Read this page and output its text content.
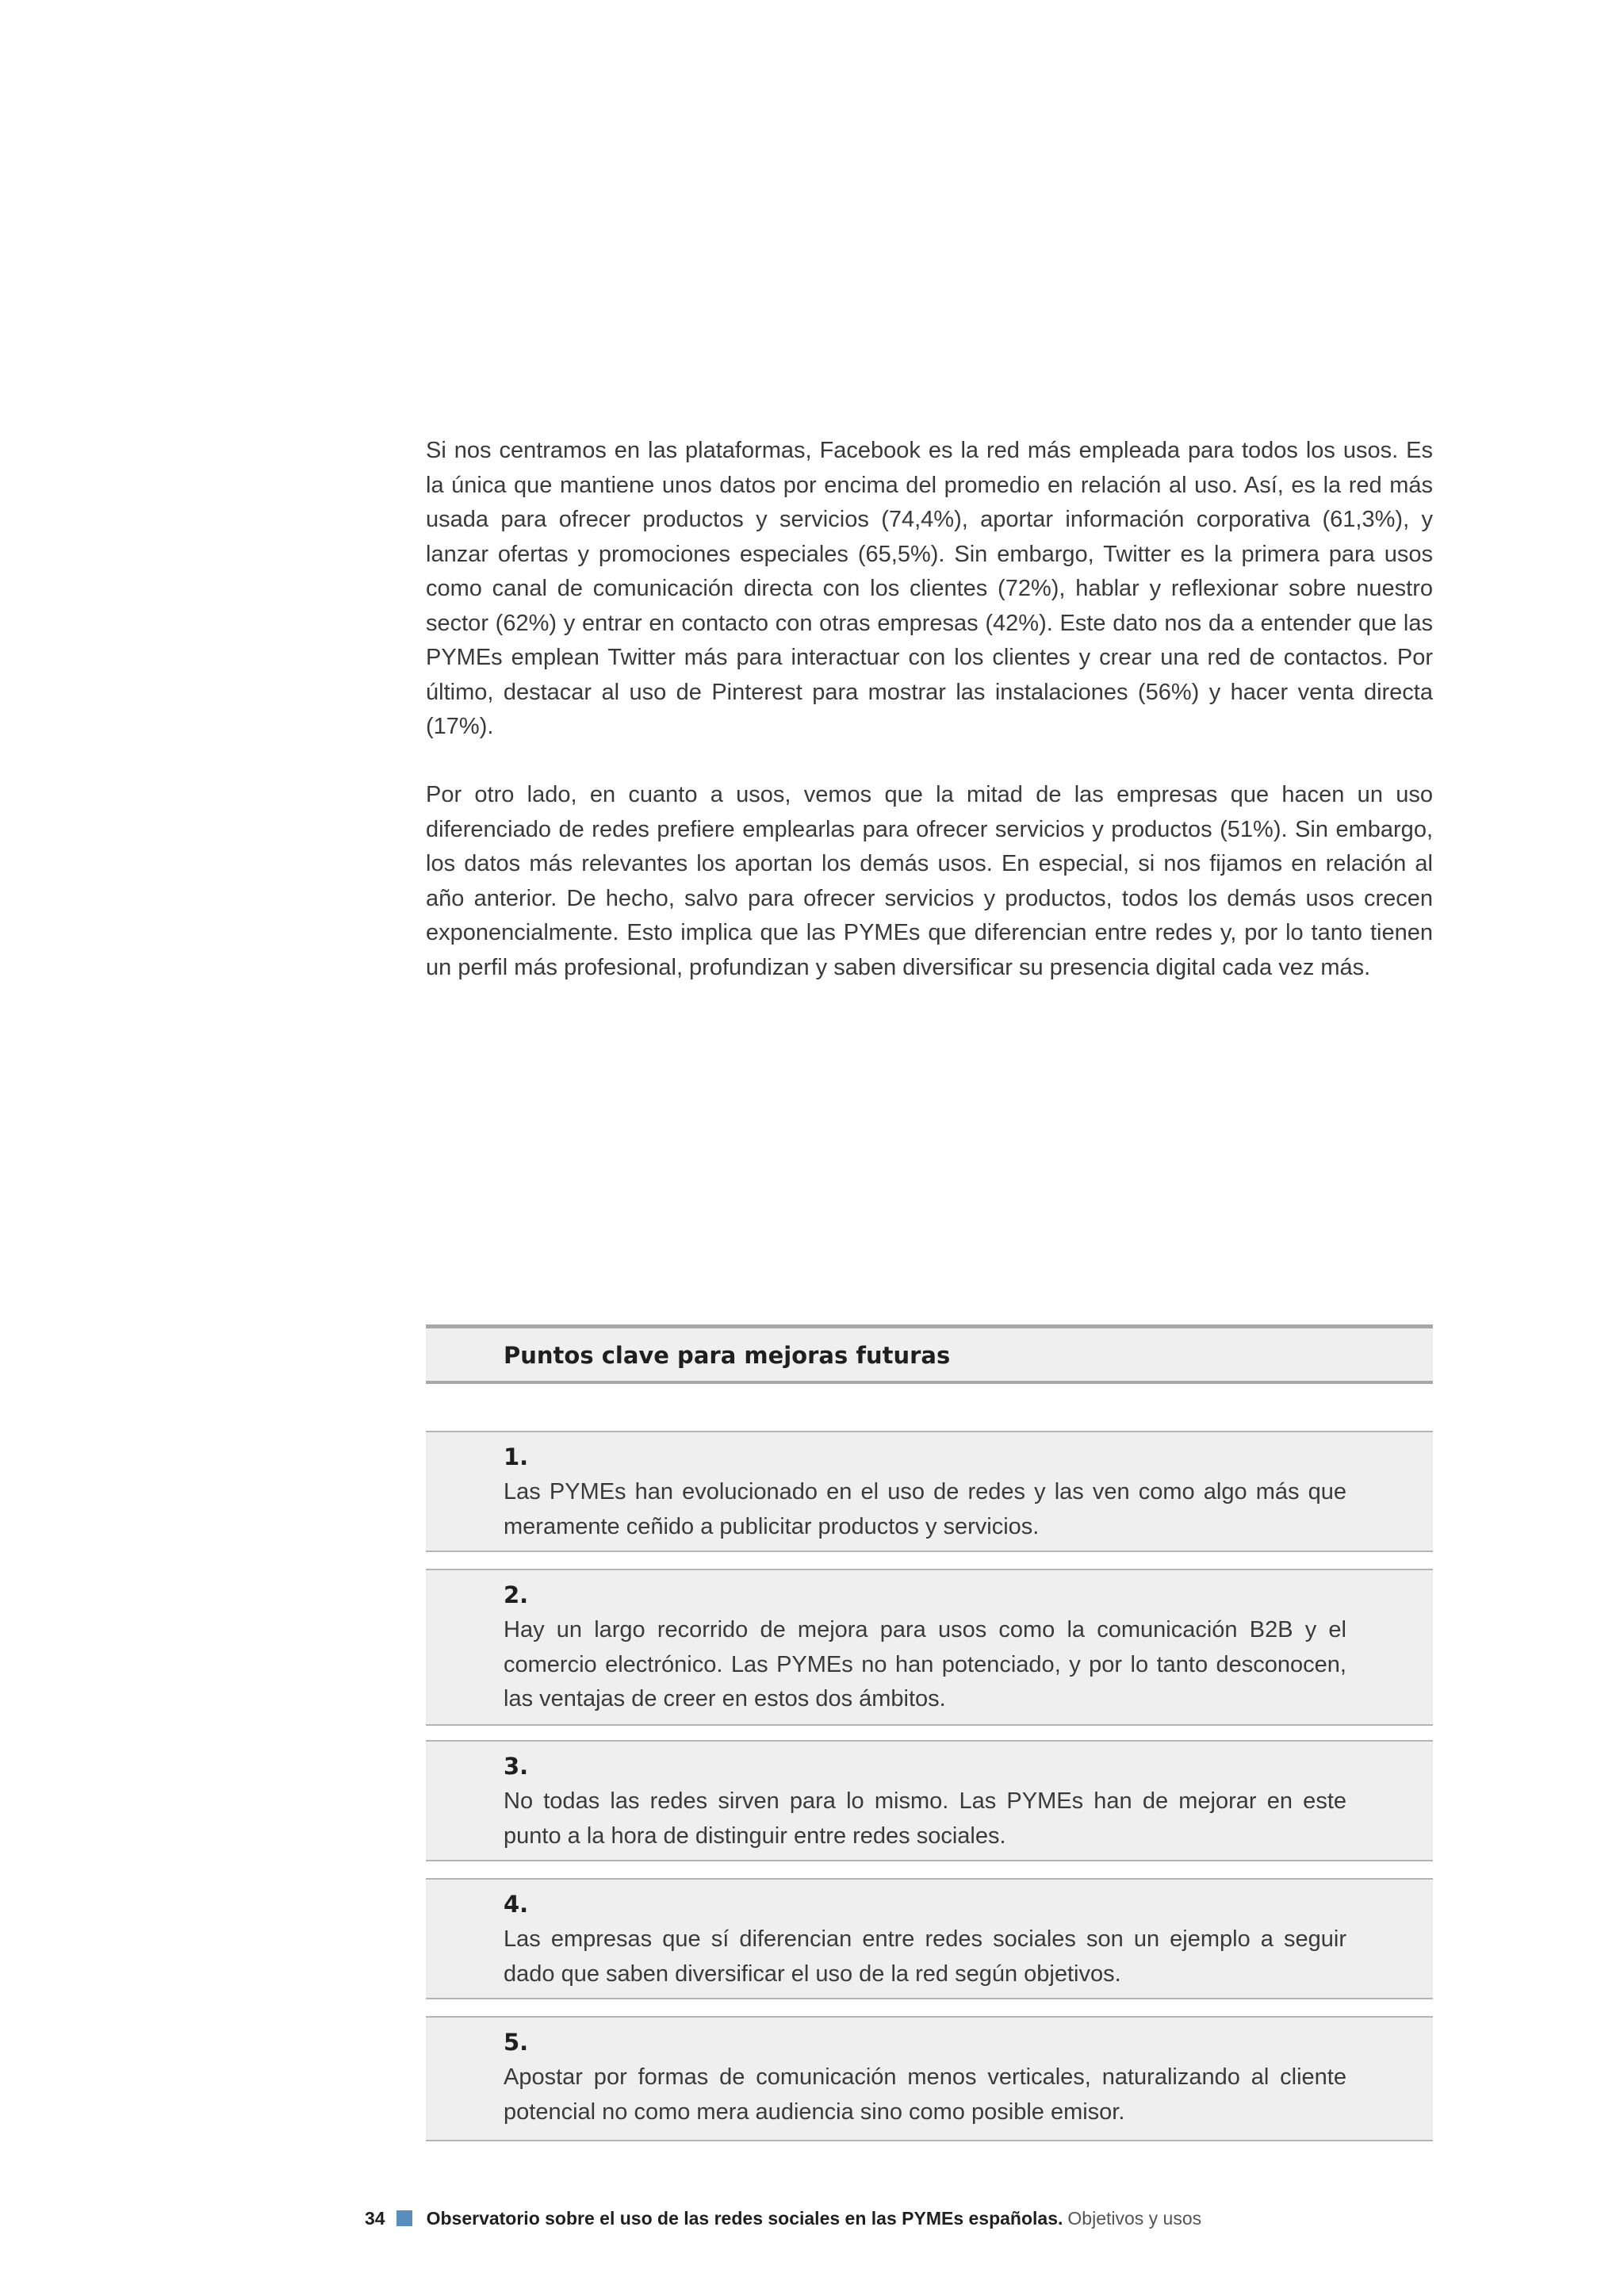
Si nos centramos en las plataformas, Facebook es la red más empleada para todos los usos. Es la única que mantiene unos datos por encima del promedio en relación al uso. Así, es la red más usada para ofrecer productos y servicios (74,4%), aportar información corporativa (61,3%), y lanzar ofertas y promociones especiales (65,5%). Sin embargo, Twitter es la primera para usos como canal de comunicación directa con los clientes (72%), hablar y reflexionar sobre nuestro sector (62%) y entrar en contacto con otras empresas (42%). Este dato nos da a entender que las PYMEs emplean Twitter más para interactuar con los clientes y crear una red de contactos. Por último, destacar al uso de Pinterest para mostrar las instalaciones (56%) y hacer venta directa (17%).

Por otro lado, en cuanto a usos, vemos que la mitad de las empresas que hacen un uso diferenciado de redes prefiere emplearlas para ofrecer servicios y productos (51%). Sin embargo, los datos más relevantes los aportan los demás usos. En especial, si nos fijamos en relación al año anterior. De hecho, salvo para ofrecer servicios y productos, todos los demás usos crecen exponencialmente. Esto implica que las PYMEs que diferencian entre redes y, por lo tanto tienen un perfil más profesional, profundizan y saben diversificar su presencia digital cada vez más.

Puntos clave para mejoras futuras

1.

Las PYMEs han evolucionado en el uso de redes y las ven como algo más que meramente ceñido a publicitar productos y servicios.

2.

Hay un largo recorrido de mejora para usos como la comunicación B2B y el comercio electrónico. Las PYMEs no han potenciado, y por lo tanto desconocen, las ventajas de creer en estos dos ámbitos.

3.

No todas las redes sirven para lo mismo. Las PYMEs han de mejorar en este punto a la hora de distinguir entre redes sociales.

4.

Las empresas que sí diferencian entre redes sociales son un ejemplo a seguir dado que saben diversificar el uso de la red según objetivos.

5.

Apostar por formas de comunicación menos verticales, naturalizando al cliente potencial no como mera audiencia sino como posible emisor.

34 Observatorio sobre el uso de las redes sociales en las PYMEs españolas. Objetivos y usos
